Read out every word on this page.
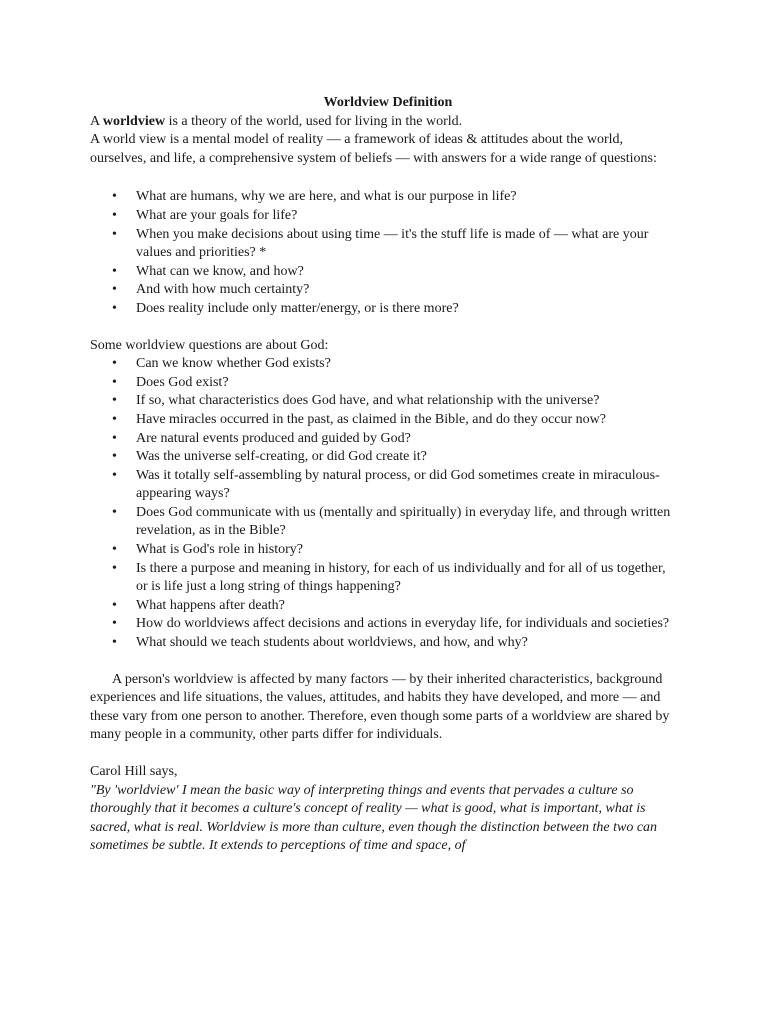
Worldview Definition

A worldview is a theory of the world, used for living in the world.

A world view is a mental model of reality — a framework of ideas & attitudes about the world, ourselves, and life, a comprehensive system of beliefs — with answers for a wide range of questions:

• What are humans, why we are here, and what is our purpose in life?
• What are your goals for life?
• When you make decisions about using time — it's the stuff life is made of — what are your values and priorities? *
• What can we know, and how?
• And with how much certainty?
• Does reality include only matter/energy, or is there more?

Some worldview questions are about God:

• Can we know whether God exists?
• Does God exist?
• If so, what characteristics does God have, and what relationship with the universe?
• Have miracles occurred in the past, as claimed in the Bible, and do they occur now?
• Are natural events produced and guided by God?
• Was the universe self-creating, or did God create it?
• Was it totally self-assembling by natural process, or did God sometimes create in miraculous-appearing ways?
• Does God communicate with us (mentally and spiritually) in everyday life, and through written revelation, as in the Bible?
• What is God's role in history?
• Is there a purpose and meaning in history, for each of us individually and for all of us together, or is life just a long string of things happening?
• What happens after death?
• How do worldviews affect decisions and actions in everyday life, for individuals and societies?
• What should we teach students about worldviews, and how, and why?

A person's worldview is affected by many factors — by their inherited characteristics, background experiences and life situations, the values, attitudes, and habits they have developed, and more — and these vary from one person to another. Therefore, even though some parts of a worldview are shared by many people in a community, other parts differ for individuals.

Carol Hill says,

"By 'worldview' I mean the basic way of interpreting things and events that pervades a culture so thoroughly that it becomes a culture's concept of reality — what is good, what is important, what is sacred, what is real. Worldview is more than culture, even though the distinction between the two can sometimes be subtle. It extends to perceptions of time and space, of
